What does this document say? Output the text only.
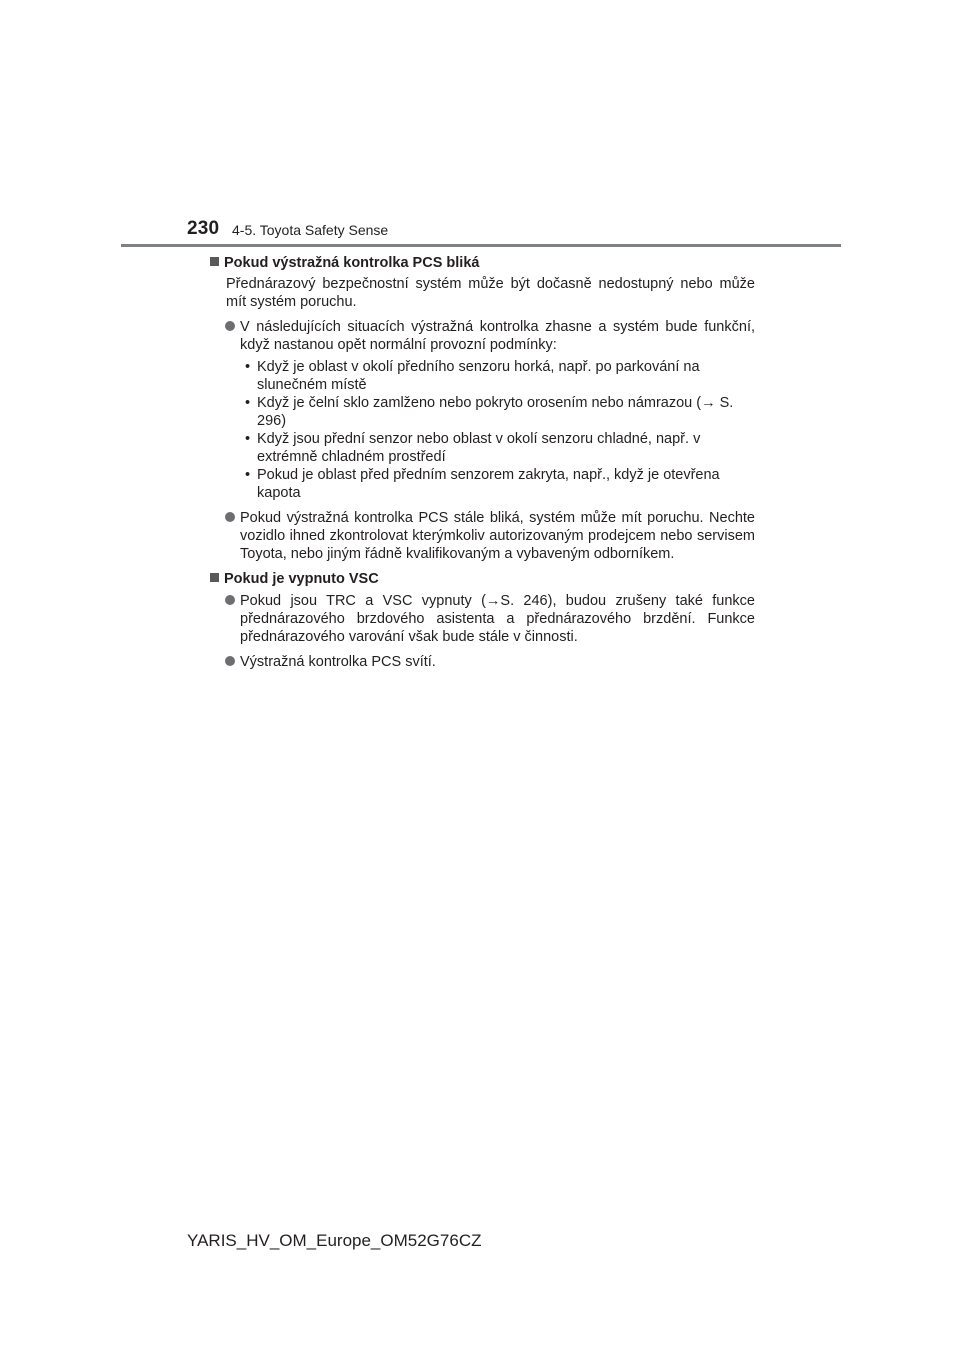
230 4-5. Toyota Safety Sense

Pokud výstražná kontrolka PCS bliká

Přednárazový bezpečnostní systém může být dočasně nedostupný nebo může mít systém poruchu.

V následujících situacích výstražná kontrolka zhasne a systém bude funkční, když nastanou opět normální provozní podmínky:

• Když je oblast v okolí předního senzoru horká, např. po parkování na slunečném místě

• Když je čelní sklo zamlženo nebo pokryto orosením nebo námrazou (→ S. 296)

• Když jsou přední senzor nebo oblast v okolí senzoru chladné, např. v extrémně chladném prostředí

• Pokud je oblast před předním senzorem zakryta, např., když je otevřena kapota

Pokud výstražná kontrolka PCS stále bliká, systém může mít poruchu. Nechte vozidlo ihned zkontrolovat kterýmkoliv autorizovaným prodejcem nebo servisem Toyota, nebo jiným řádně kvalifikovaným a vybaveným odborníkem.

Pokud je vypnuto VSC

Pokud jsou TRC a VSC vypnuty (→S. 246), budou zrušeny také funkce přednárazového brzdového asistenta a přednárazového brzdění. Funkce přednárazového varování však bude stále v činnosti.
Výstražná kontrolka PCS svítí.
YARIS_HV_OM_Europe_OM52G76CZ
